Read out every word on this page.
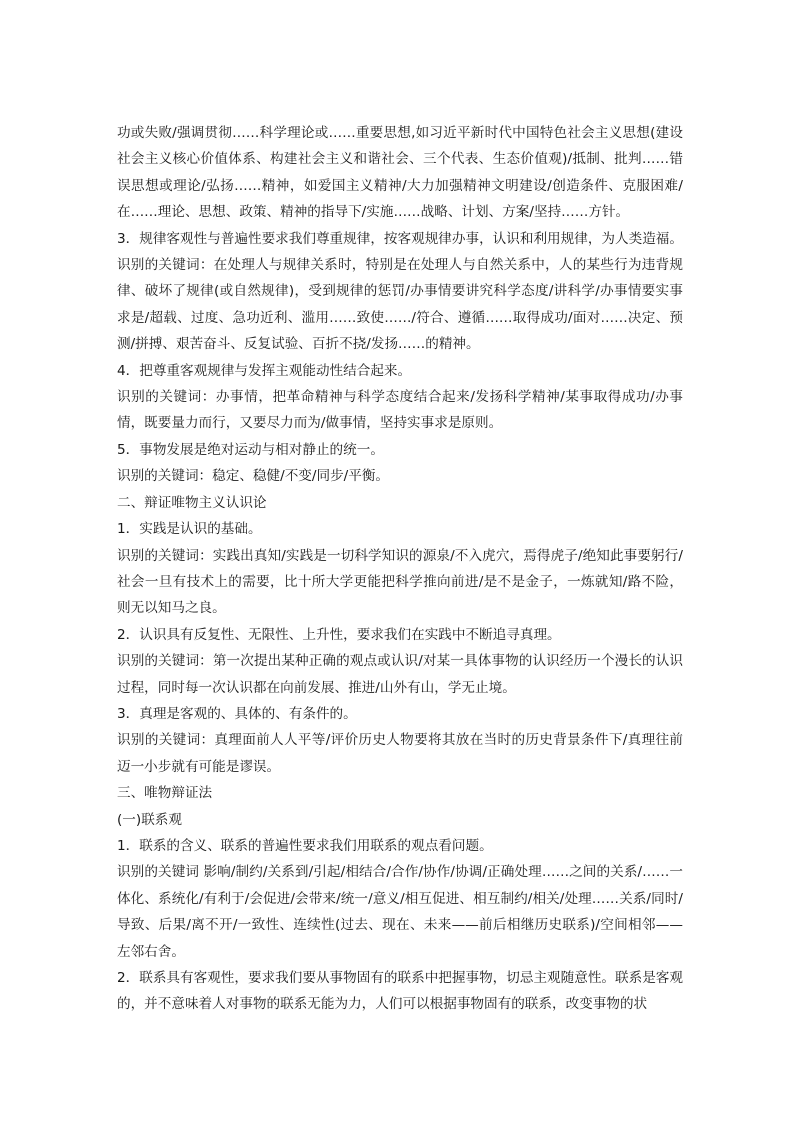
功或失败/强调贯彻……科学理论或……重要思想,如习近平新时代中国特色社会主义思想(建设社会主义核心价值体系、构建社会主义和谐社会、三个代表、生态价值观)/抵制、批判……错误思想或理论/弘扬……精神，如爱国主义精神/大力加强精神文明建设/创造条件、克服困难/在……理论、思想、政策、精神的指导下/实施……战略、计划、方案/坚持……方针。

3．规律客观性与普遍性要求我们尊重规律，按客观规律办事，认识和利用规律，为人类造福。

识别的关键词：在处理人与规律关系时，特别是在处理人与自然关系中，人的某些行为违背规律、破坏了规律(或自然规律)，受到规律的惩罚/办事情要讲究科学态度/讲科学/办事情要实事求是/超载、过度、急功近利、滥用……致使……/符合、遵循……取得成功/面对……决定、预测/拼搏、艰苦奋斗、反复试验、百折不挠/发扬……的精神。

4．把尊重客观规律与发挥主观能动性结合起来。

识别的关键词：办事情，把革命精神与科学态度结合起来/发扬科学精神/某事取得成功/办事情，既要量力而行，又要尽力而为/做事情，坚持实事求是原则。

5．事物发展是绝对运动与相对静止的统一。

识别的关键词：稳定、稳健/不变/同步/平衡。

二、辩证唯物主义认识论

1．实践是认识的基础。

识别的关键词：实践出真知/实践是一切科学知识的源泉/不入虎穴，焉得虎子/绝知此事要躬行/社会一旦有技术上的需要，比十所大学更能把科学推向前进/是不是金子，一炼就知/路不险，则无以知马之良。

2．认识具有反复性、无限性、上升性，要求我们在实践中不断追寻真理。

识别的关键词：第一次提出某种正确的观点或认识/对某一具体事物的认识经历一个漫长的认识过程，同时每一次认识都在向前发展、推进/山外有山，学无止境。

3．真理是客观的、具体的、有条件的。

识别的关键词：真理面前人人平等/评价历史人物要将其放在当时的历史背景条件下/真理往前迈一小步就有可能是谬误。

三、唯物辩证法

(一)联系观

1．联系的含义、联系的普遍性要求我们用联系的观点看问题。

识别的关键词 影响/制约/关系到/引起/相结合/合作/协作/协调/正确处理……之间的关系/……一体化、系统化/有利于/会促进/会带来/统一/意义/相互促进、相互制约/相关/处理……关系/同时/导致、后果/离不开/一致性、连续性(过去、现在、未来——前后相继历史联系)/空间相邻——左邻右舍。

2．联系具有客观性，要求我们要从事物固有的联系中把握事物，切忌主观随意性。联系是客观的，并不意味着人对事物的联系无能为力，人们可以根据事物固有的联系，改变事物的状
